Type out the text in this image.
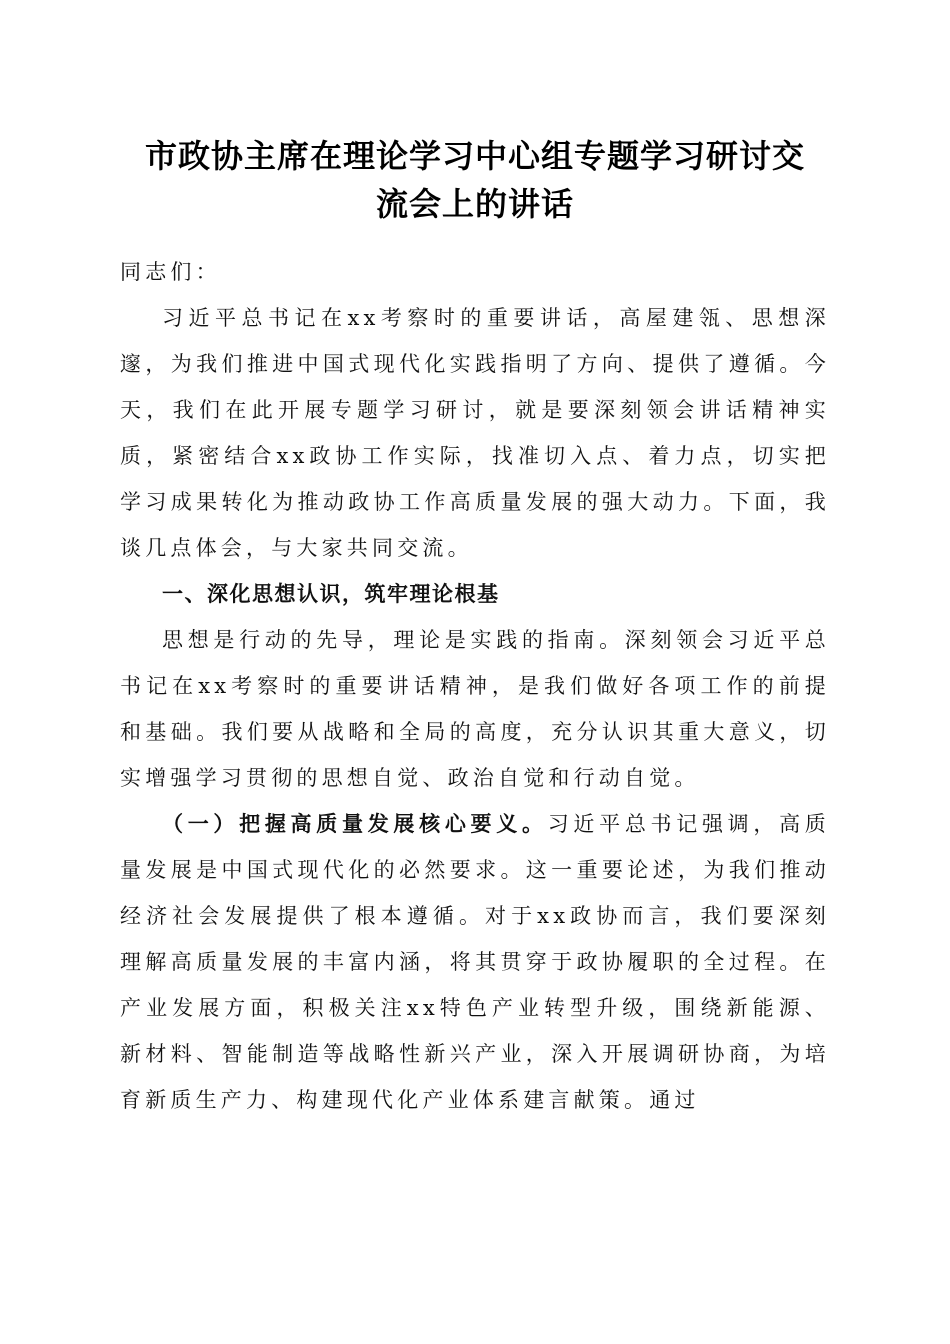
市政协主席在理论学习中心组专题学习研讨交
流会上的讲话

同志们：

习近平总书记在xx考察时的重要讲话，高屋建瓴、思想深邃，为我们推进中国式现代化实践指明了方向、提供了遵循。今天，我们在此开展专题学习研讨，就是要深刻领会讲话精神实质，紧密结合xx政协工作实际，找准切入点、着力点，切实把学习成果转化为推动政协工作高质量发展的强大动力。下面，我谈几点体会，与大家共同交流。

一、深化思想认识，筑牢理论根基

思想是行动的先导，理论是实践的指南。深刻领会习近平总书记在xx考察时的重要讲话精神，是我们做好各项工作的前提和基础。我们要从战略和全局的高度，充分认识其重大意义，切实增强学习贯彻的思想自觉、政治自觉和行动自觉。

（一）把握高质量发展核心要义。习近平总书记强调，高质量发展是中国式现代化的必然要求。这一重要论述，为我们推动经济社会发展提供了根本遵循。对于xx政协而言，我们要深刻理解高质量发展的丰富内涵，将其贯穿于政协履职的全过程。在产业发展方面，积极关注xx特色产业转型升级，围绕新能源、新材料、智能制造等战略性新兴产业，深入开展调研协商，为培育新质生产力、构建现代化产业体系建言献策。通过
